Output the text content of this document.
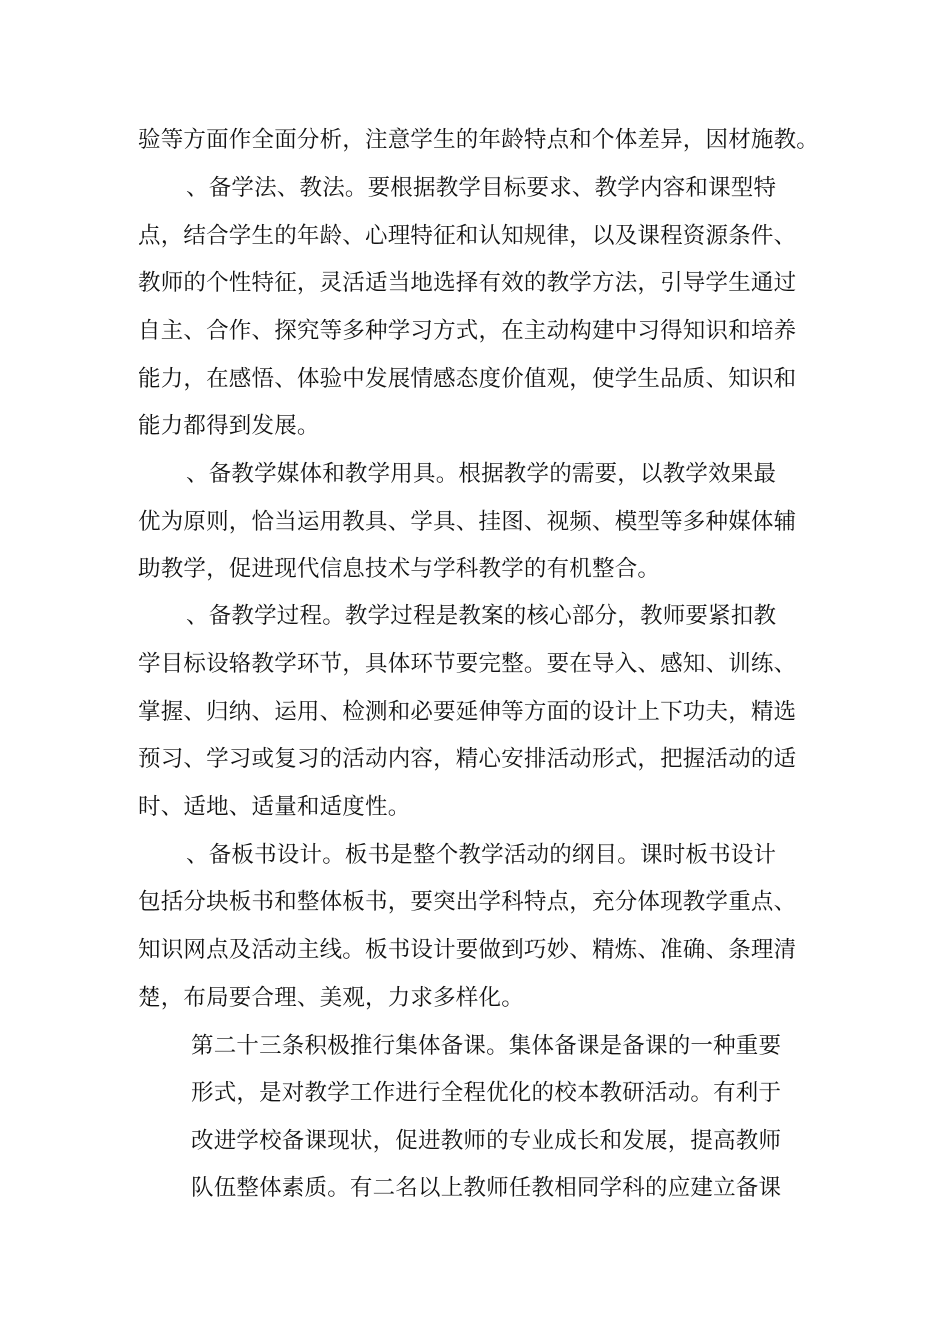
验等方面作全面分析，注意学生的年龄特点和个体差异，因材施教。
、备学法、教法。要根据教学目标要求、教学内容和课型特
点，结合学生的年龄、心理特征和认知规律，以及课程资源条件、
教师的个性特征，灵活适当地选择有效的教学方法，引导学生通过
自主、合作、探究等多种学习方式，在主动构建中习得知识和培养
能力，在感悟、体验中发展情感态度价值观，使学生品质、知识和
能力都得到发展。
、备教学媒体和教学用具。根据教学的需要，以教学效果最
优为原则，恰当运用教具、学具、挂图、视频、模型等多种媒体辅
助教学，促进现代信息技术与学科教学的有机整合。
、备教学过程。教学过程是教案的核心部分，教师要紧扣教
学目标设辂教学环节，具体环节要完整。要在导入、感知、训练、
掌握、归纳、运用、检测和必要延伸等方面的设计上下功夫，精选
预习、学习或复习的活动内容，精心安排活动形式，把握活动的适
时、适地、适量和适度性。
、备板书设计。板书是整个教学活动的纲目。课时板书设计
包括分块板书和整体板书，要突出学科特点，充分体现教学重点、
知识网点及活动主线。板书设计要做到巧妙、精炼、准确、条理清
楚，布局要合理、美观，力求多样化。
第二十三条积极推行集体备课。集体备课是备课的一种重要
形式，是对教学工作进行全程优化的校本教研活动。有利于
改进学校备课现状，促进教师的专业成长和发展，提高教师
队伍整体素质。有二名以上教师任教相同学科的应建立备课
